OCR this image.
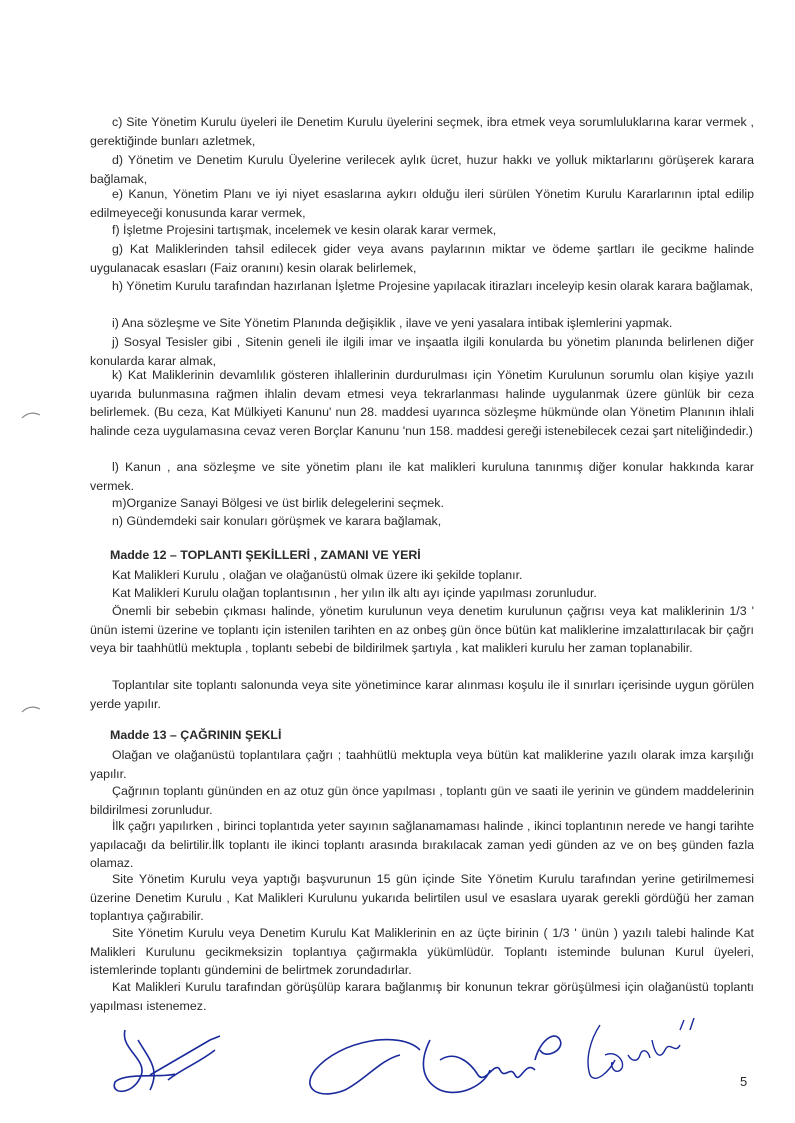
c) Site Yönetim Kurulu üyeleri ile Denetim Kurulu üyelerini seçmek, ibra etmek veya sorumluluklarına karar vermek , gerektiğinde bunları azletmek,
d) Yönetim ve Denetim Kurulu Üyelerine verilecek aylık ücret, huzur hakkı ve yolluk miktarlarını görüşerek karara bağlamak,
e) Kanun, Yönetim Planı ve iyi niyet esaslarına aykırı olduğu ileri sürülen Yönetim Kurulu Kararlarının iptal edilip edilmeyeceği konusunda karar vermek,
f) İşletme Projesini tartışmak, incelemek ve kesin olarak karar vermek,
g) Kat Maliklerinden tahsil edilecek gider veya avans paylarının miktar ve ödeme şartları ile gecikme halinde uygulanacak esasları (Faiz oranını) kesin olarak belirlemek,
h) Yönetim Kurulu tarafından hazırlanan İşletme Projesine yapılacak itirazları inceleyip kesin olarak karara bağlamak,
i) Ana sözleşme ve Site Yönetim Planında değişiklik , ilave ve yeni yasalara intibak işlemlerini yapmak.
j) Sosyal Tesisler gibi , Sitenin geneli ile ilgili imar ve inşaatla ilgili konularda bu yönetim planında belirlenen diğer konularda karar almak,
k) Kat Maliklerinin devamlılık gösteren ihlallerinin durdurulması için Yönetim Kurulunun sorumlu olan kişiye yazılı uyarıda bulunmasına rağmen ihlalin devam etmesi veya tekrarlanması halinde uygulanmak üzere günlük bir ceza belirlemek. (Bu ceza, Kat Mülkiyeti Kanunu' nun 28. maddesi uyarınca sözleşme hükmünde olan Yönetim Planının ihlali halinde ceza uygulamasına cevaz veren Borçlar Kanunu 'nun 158. maddesi gereği istenebilecek cezai şart niteliğindedir.)
l) Kanun , ana sözleşme ve site yönetim planı ile kat malikleri kuruluna tanınmış diğer konular hakkında karar vermek.
m)Organize Sanayi Bölgesi ve üst birlik delegelerini seçmek.
n) Gündemdeki sair konuları görüşmek ve karara bağlamak,
Madde 12 – TOPLANTI ŞEKİLLERİ , ZAMANI VE YERİ
Kat Malikleri Kurulu , olağan ve olağanüstü olmak üzere iki şekilde toplanır.
Kat Malikleri Kurulu olağan toplantısının , her yılın ilk altı ayı içinde yapılması zorunludur.
Önemli bir sebebin çıkması halinde, yönetim kurulunun veya denetim kurulunun çağrısı veya kat maliklerinin 1/3 ' ünün istemi üzerine ve toplantı için istenilen tarihten en az onbeş gün önce bütün kat maliklerine imzalattırılacak bir çağrı veya bir taahhütlü mektupla , toplantı sebebi de bildirilmek şartıyla , kat malikleri kurulu her zaman toplanabilir.
Toplantılar site toplantı salonunda veya site yönetimince karar alınması koşulu ile il sınırları içerisinde uygun görülen yerde yapılır.
Madde 13 – ÇAĞRININ ŞEKLİ
Olağan ve olağanüstü toplantılara çağrı ; taahhütlü mektupla veya bütün kat maliklerine yazılı olarak imza karşılığı yapılır.
Çağrının toplantı gününden en az otuz gün önce yapılması , toplantı gün ve saati ile yerinin ve gündem maddelerinin bildirilmesi zorunludur.
İlk çağrı yapılırken , birinci toplantıda yeter sayının sağlanamaması halinde , ikinci toplantının nerede ve hangi tarihte yapılacağı da belirtilir.İlk toplantı ile ikinci toplantı arasında bırakılacak zaman yedi günden az ve on beş günden fazla olamaz.
Site Yönetim Kurulu veya yaptığı başvurunun 15 gün içinde Site Yönetim Kurulu tarafından yerine getirilmemesi üzerine Denetim Kurulu , Kat Malikleri Kurulunu yukarıda belirtilen usul ve esaslara uyarak gerekli gördüğü her zaman toplantıya çağırabilir.
Site Yönetim Kurulu veya Denetim Kurulu Kat Maliklerinin en az üçte birinin ( 1/3 ' ünün ) yazılı talebi halinde Kat Malikleri Kurulunu gecikmeksizin toplantıya çağırmakla yükümlüdür. Toplantı isteminde bulunan Kurul üyeleri, istemlerinde toplantı gündemini de belirtmek zorundadırlar.
Kat Malikleri Kurulu tarafından görüşülüp karara bağlanmış bir konunun tekrar görüşülmesi için olağanüstü toplantı yapılması istenemez.
5
